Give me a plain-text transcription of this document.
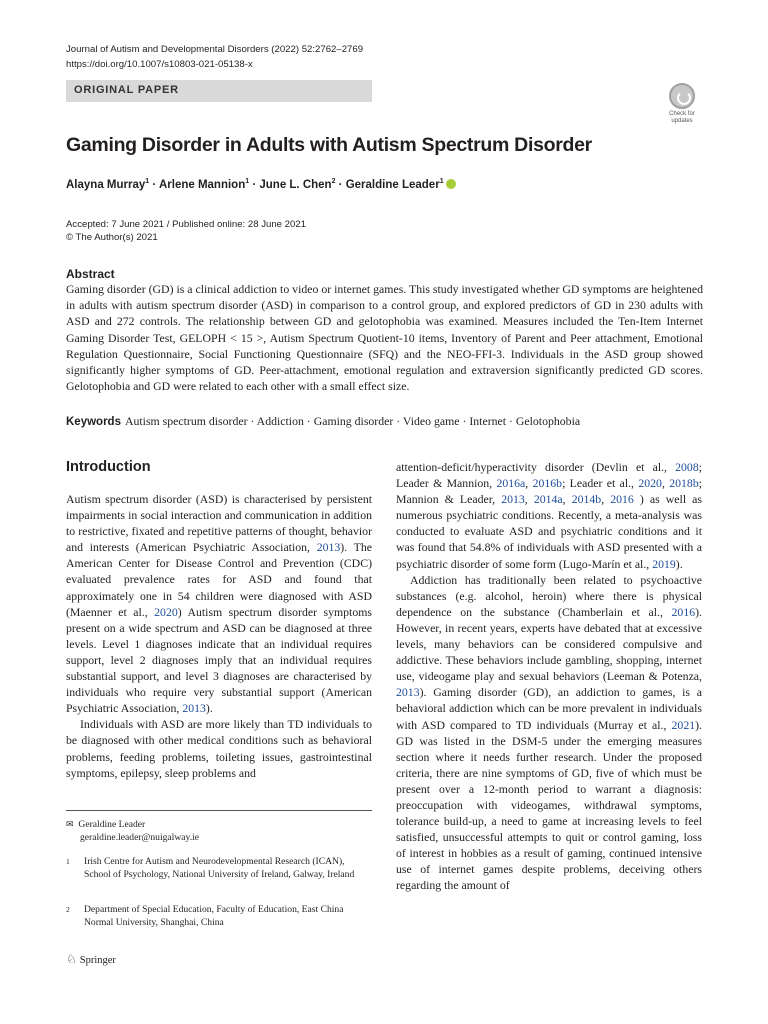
Journal of Autism and Developmental Disorders (2022) 52:2762–2769
https://doi.org/10.1007/s10803-021-05138-x
ORIGINAL PAPER
Check for updates
Gaming Disorder in Adults with Autism Spectrum Disorder
Alayna Murray$^1$ · Arlene Mannion$^1$ · June L. Chen$^2$ · Geraldine Leader$^1$
Accepted: 7 June 2021 / Published online: 28 June 2021
© The Author(s) 2021
Abstract
Gaming disorder (GD) is a clinical addiction to video or internet games. This study investigated whether GD symptoms are heightened in adults with autism spectrum disorder (ASD) in comparison to a control group, and explored predictors of GD in 230 adults with ASD and 272 controls. The relationship between GD and gelotophobia was examined. Measures included the Ten-Item Internet Gaming Disorder Test, GELOPH < 15 >, Autism Spectrum Quotient-10 items, Inventory of Parent and Peer attachment, Emotional Regulation Questionnaire, Social Functioning Questionnaire (SFQ) and the NEO-FFI-3. Individuals in the ASD group showed significantly higher symptoms of GD. Peer-attachment, emotional regulation and extraversion significantly predicted GD scores. Gelotophobia and GD were related to each other with a small effect size.
Keywords Autism spectrum disorder · Addiction · Gaming disorder · Video game · Internet · Gelotophobia
Introduction

Autism spectrum disorder (ASD) is characterised by persistent impairments in social interaction and communication in addition to restrictive, fixated and repetitive patterns of thought, behavior and interests (American Psychiatric Association, 2013). The American Center for Disease Control and Prevention (CDC) evaluated prevalence rates for ASD and found that approximately one in 54 children were diagnosed with ASD (Maenner et al., 2020) Autism spectrum disorder symptoms present on a wide spectrum and ASD can be diagnosed at three levels. Level 1 diagnoses indicate that an individual requires support, level 2 diagnoses imply that an individual requires substantial support, and level 3 diagnoses are characterised by individuals who require very substantial support (American Psychiatric Association, 2013).

Individuals with ASD are more likely than TD individuals to be diagnosed with other medical conditions such as behavioral problems, feeding problems, toileting issues, gastrointestinal symptoms, epilepsy, sleep problems and

attention-deficit/hyperactivity disorder (Devlin et al., 2008; Leader & Mannion, 2016a, 2016b; Leader et al., 2020, 2018b; Mannion & Leader, 2013, 2014a, 2014b, 2016 ) as well as numerous psychiatric conditions. Recently, a meta-analysis was conducted to evaluate ASD and psychiatric conditions and it was found that 54.8% of individuals with ASD presented with a psychiatric disorder of some form (Lugo-Marín et al., 2019).

Addiction has traditionally been related to psychoactive substances (e.g. alcohol, heroin) where there is physical dependence on the substance (Chamberlain et al., 2016). However, in recent years, experts have debated that at excessive levels, many behaviors can be considered compulsive and addictive. These behaviors include gambling, shopping, internet use, videogame play and sexual behaviors (Leeman & Potenza, 2013). Gaming disorder (GD), an addiction to games, is a behavioral addiction which can be more prevalent in individuals with ASD compared to TD individuals (Murray et al., 2021). GD was listed in the DSM-5 under the emerging measures section where it needs further research. Under the proposed criteria, there are nine symptoms of GD, five of which must be present over a 12-month period to warrant a diagnosis: preoccupation with videogames, withdrawal symptoms, tolerance build-up, a need to game at increasing levels to feel satisfied, unsuccessful attempts to quit or control gaming, loss of interest in hobbies as a result of gaming, continued intensive use of internet games despite problems, deceiving others regarding the amount of

✉ Geraldine Leader
geraldine.leader@nuigalway.ie
1 Irish Centre for Autism and Neurodevelopmental Research (ICAN), School of Psychology, National University of Ireland, Galway, Ireland
2 Department of Special Education, Faculty of Education, East China Normal University, Shanghai, China
♘ Springer
